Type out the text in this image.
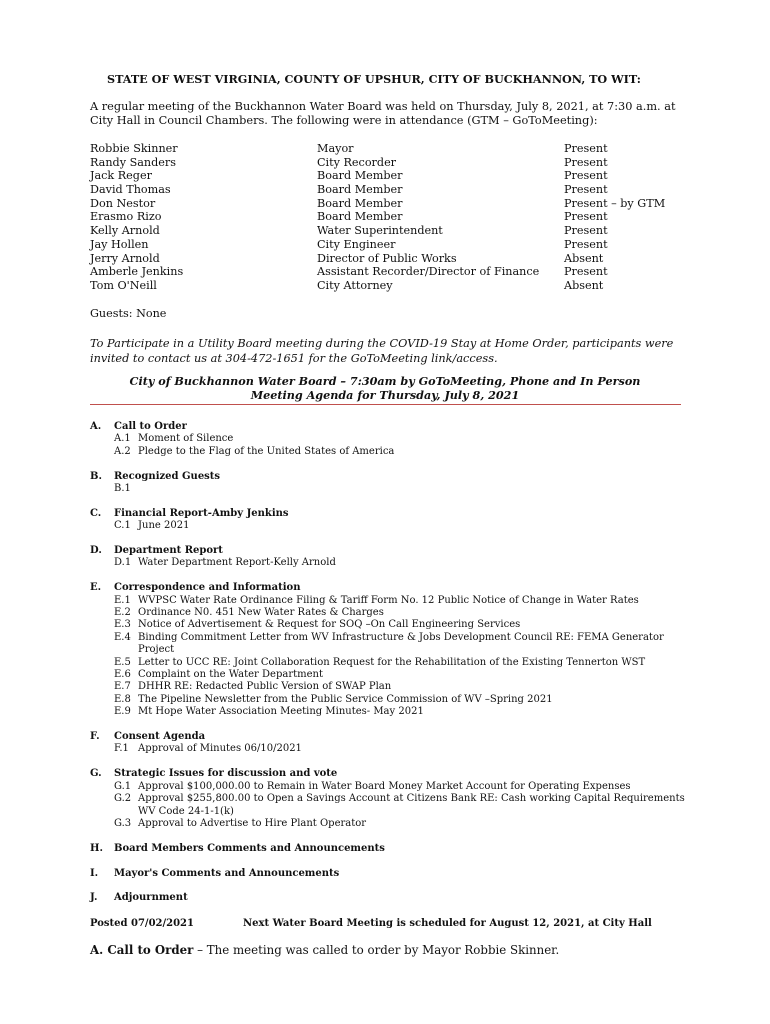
STATE OF WEST VIRGINIA, COUNTY OF UPSHUR, CITY OF BUCKHANNON, TO WIT:
A regular meeting of the Buckhannon Water Board was held on Thursday, July 8, 2021, at 7:30 a.m. at City Hall in Council Chambers. The following were in attendance (GTM – GoToMeeting):
Robbie Skinner	Mayor	Present
Randy Sanders	City Recorder	Present
Jack Reger	Board Member	Present
David Thomas	Board Member	Present
Don Nestor	Board Member	Present – by GTM
Erasmo Rizo	Board Member	Present
Kelly Arnold	Water Superintendent	Present
Jay Hollen	City Engineer	Present
Jerry Arnold	Director of Public Works	Absent
Amberle Jenkins	Assistant Recorder/Director of Finance Present
Tom O'Neill	City Attorney	Absent
Guests: None
To Participate in a Utility Board meeting during the COVID-19 Stay at Home Order, participants were invited to contact us at 304-472-1651 for the GoToMeeting link/access.
City of Buckhannon Water Board – 7:30am by GoToMeeting, Phone and In Person
Meeting Agenda for Thursday, July 8, 2021
A. Call to Order
A.1 Moment of Silence
A.2 Pledge to the Flag of the United States of America
B. Recognized Guests
B.1

C. Financial Report-Amby Jenkins
C.1 June 2021
D. Department Report
D.1 Water Department Report-Kelly Arnold
E. Correspondence and Information
E.1 WVPSC Water Rate Ordinance Filing & Tariff Form No. 12 Public Notice of Change in Water Rates
E.2 Ordinance N0. 451 New Water Rates & Charges
E.3 Notice of Advertisement & Request for SOQ –On Call Engineering Services
E.4 Binding Commitment Letter from WV Infrastructure & Jobs Development Council RE: FEMA Generator Project
E.5 Letter to UCC RE: Joint Collaboration Request for the Rehabilitation of the Existing Tennerton WST
E.6 Complaint on the Water Department
E.7 DHHR RE: Redacted Public Version of SWAP Plan
E.8 The Pipeline Newsletter from the Public Service Commission of WV –Spring 2021
E.9 Mt Hope Water Association Meeting Minutes- May 2021
F. Consent Agenda
F.1 Approval of Minutes 06/10/2021
G. Strategic Issues for discussion and vote
G.1 Approval $100,000.00 to Remain in Water Board Money Market Account for Operating Expenses
G.2 Approval $255,800.00 to Open a Savings Account at Citizens Bank RE: Cash working Capital Requirements WV Code 24-1-1(k)
G.3 Approval to Advertise to Hire Plant Operator
H. Board Members Comments and Announcements
I. Mayor's Comments and Announcements
J. Adjournment
Posted 07/02/2021	Next Water Board Meeting is scheduled for August 12, 2021, at City Hall
A. Call to Order – The meeting was called to order by Mayor Robbie Skinner.
